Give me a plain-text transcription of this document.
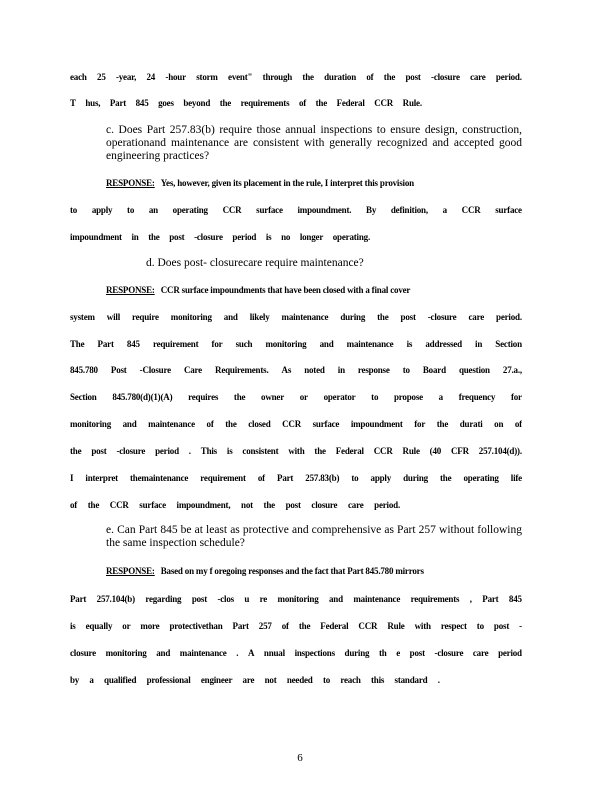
each 25 -year, 24 -hour storm event" through the duration of the post -closure care period.
T hus, Part 845 goes beyond the requirements of the Federal CCR Rule.
c. Does Part 257.83(b) require those annual inspections to ensure design, construction, operationand maintenance are consistent with generally recognized and accepted good engineering practices?
RESPONSE: Yes, however, given its placement in the rule, I interpret this provision
to apply to an operating CCR surface impoundment. By definition, a CCR surface
impoundment in the post -closure period is no longer operating.
d. Does post- closurecare require maintenance?
RESPONSE: CCR surface impoundments that have been closed with a final cover
system will require monitoring and likely maintenance during the post -closure care period.
The Part 845 requirement for such monitoring and maintenance is addressed in Section
845.780 Post -Closure Care Requirements. As noted in response to Board question 27.a.,
Section 845.780(d)(1)(A) requires the owner or operator to propose a frequency for
monitoring and maintenance of the closed CCR surface impoundment for the durati on of
the post -closure period . This is consistent with the Federal CCR Rule (40 CFR 257.104(d)).
I interpret themaintenance requirement of Part 257.83(b) to apply during the operating life
of the CCR surface impoundment, not the post closure care period.
e. Can Part 845 be at least as protective and comprehensive as Part 257 without following the same inspection schedule?
RESPONSE: Based on my f oregoing responses and the fact that Part 845.780 mirrors
Part 257.104(b) regarding post -clos u re monitoring and maintenance requirements , Part 845
is equally or more protectivethan Part 257 of the Federal CCR Rule with respect to post -
closure monitoring and maintenance . A nnual inspections during th e post -closure care period
by a qualified professional engineer are not needed to reach this standard .
6
